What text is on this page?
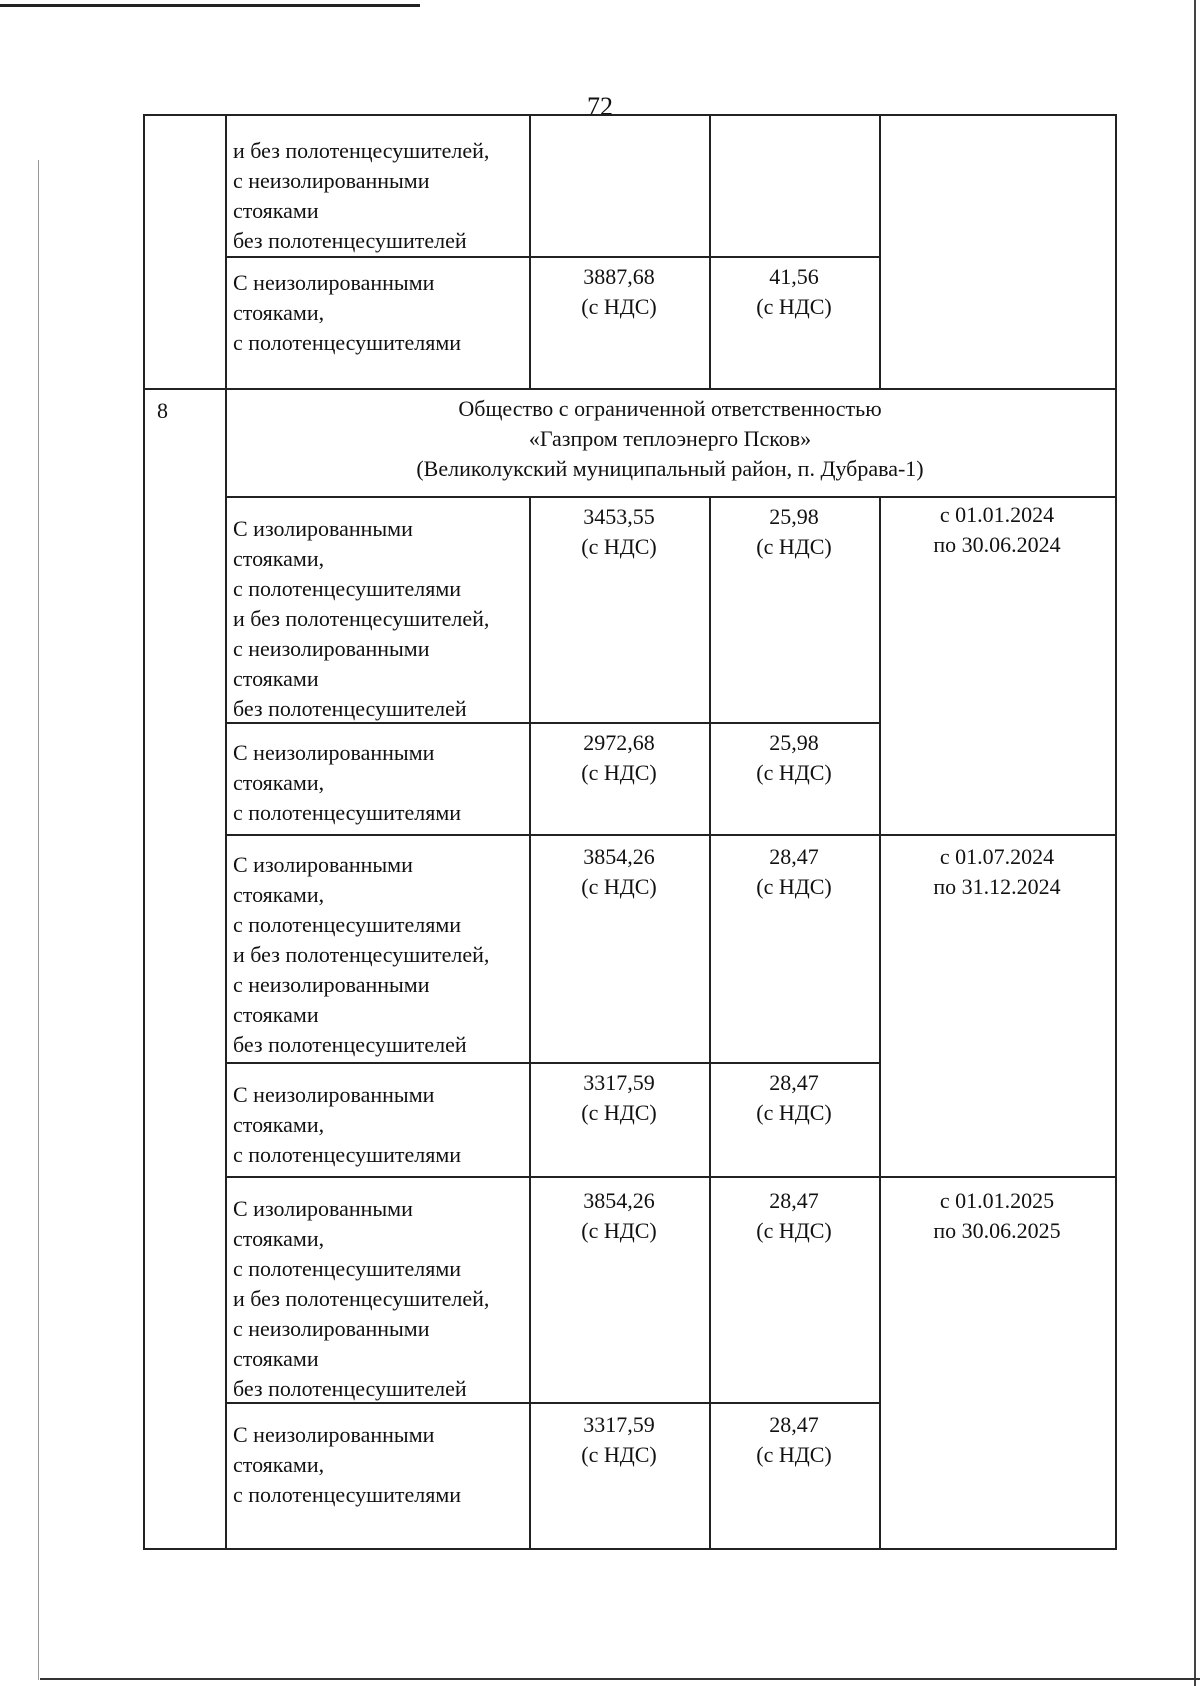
72
и без полотенцесушителей,
с неизолированными
стояками
без полотенцесушителей
С неизолированными
стояками,
с полотенцесушителями
3887,68
(с НДС)
41,56
(с НДС)
8	Общество с ограниченной ответственностью
«Газпром теплоэнерго Псков»
(Великолукский муниципальный район, п. Дубрава-1)
С изолированными
стояками,
с полотенцесушителями
и без полотенцесушителей,
с неизолированными
стояками
без полотенцесушителей
3453,55
(с НДС)
25,98
(с НДС)
с 01.01.2024
по 30.06.2024
С неизолированными
стояками,
с полотенцесушителями
2972,68
(с НДС)
25,98
(с НДС)
С изолированными
стояками,
с полотенцесушителями
и без полотенцесушителей,
с неизолированными
стояками
без полотенцесушителей
3854,26
(с НДС)
28,47
(с НДС)
с 01.07.2024
по 31.12.2024
С неизолированными
стояками,
с полотенцесушителями
3317,59
(с НДС)
28,47
(с НДС)
С изолированными
стояками,
с полотенцесушителями
и без полотенцесушителей,
с неизолированными
стояками
без полотенцесушителей
3854,26
(с НДС)
28,47
(с НДС)
с 01.01.2025
по 30.06.2025
С неизолированными
стояками,
с полотенцесушителями
3317,59
(с НДС)
28,47
(с НДС)
